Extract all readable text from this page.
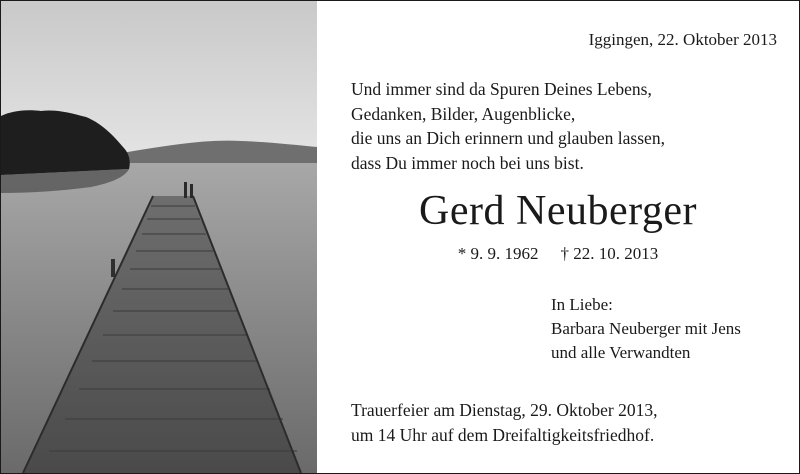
Iggingen, 22. Oktober 2013
Und immer sind da Spuren Deines Lebens,
Gedanken, Bilder, Augenblicke,
die uns an Dich erinnern und glauben lassen,
dass Du immer noch bei uns bist.
Gerd Neuberger
* 9. 9. 1962 † 22. 10. 2013
In Liebe:
Barbara Neuberger mit Jens
und alle Verwandten
Trauerfeier am Dienstag, 29. Oktober 2013,
um 14 Uhr auf dem Dreifaltigkeitsfriedhof.
